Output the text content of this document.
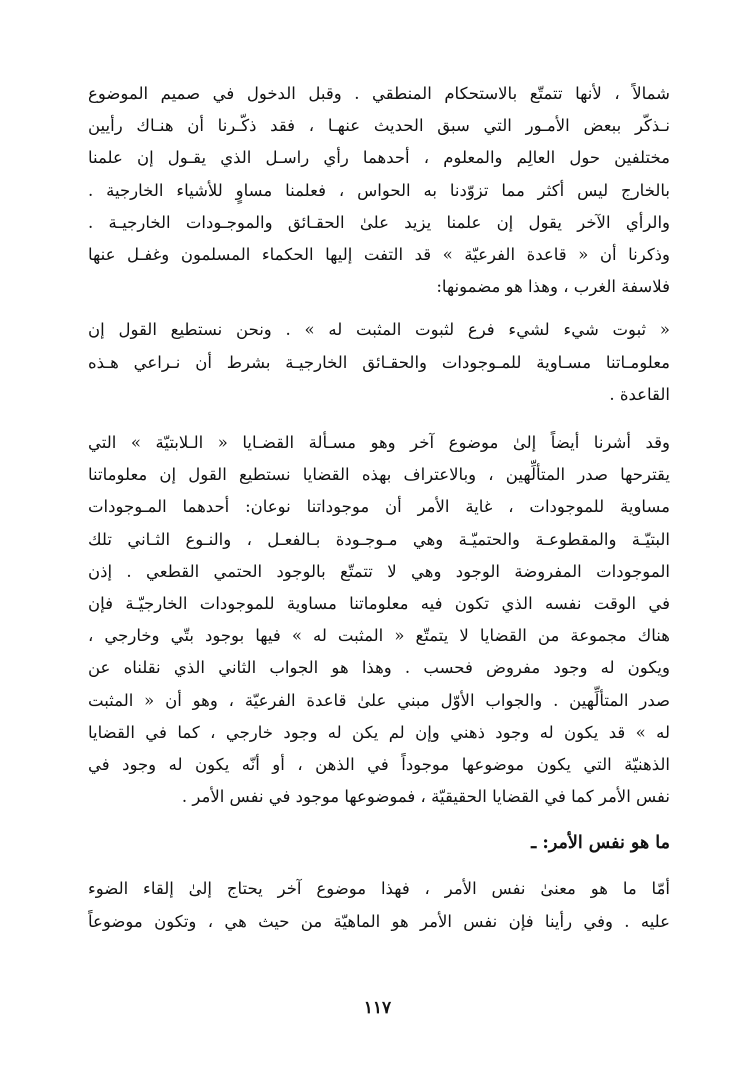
شمالاً ، لأنها تتمتّع بالاستحكام المنطقي . وقبل الدخول في صميم الموضوع
نـذكّر ببعض الأمـور التي سبق الحديث عنهـا ، فقد ذكّـرنا أن هنـاك رأيين
مختلفين حول العالِم والمعلوم ، أحدهما رأي راسـل الذي يقـول إن علمنا
بالخارج ليس أكثر مما تزوّدنا به الحواس ، فعلمنا مساوٍ للأشياء الخارجية .
والرأي الآخر يقول إن علمنا يزيد علىٰ الحقـائق والموجـودات الخارجيـة .
وذكرنا أن « قاعدة الفرعيّة » قد التفت إليها الحكماء المسلمون وغفـل عنها
فلاسفة الغرب ، وهذا هو مضمونها:
« ثبوت شيء لشيء فرع لثبوت المثبت له » . ونحن نستطيع القول إن
معلومـاتنا مسـاوية للمـوجودات والحقـائق الخارجيـة بشرط أن نـراعي هـذه
القاعدة .
وقد أشرنا أيضاً إلىٰ موضوع آخر وهو مسـألة القضـايا « الـلابتيّة » التي
يقترحها صدر المتألِّهين ، وبالاعتراف بهذه القضايا نستطيع القول إن معلوماتنا
مساوية للموجودات ، غاية الأمر أن موجوداتنا نوعان: أحدهما المـوجودات
البتيّـة والمقطوعـة والحتميّـة وهي مـوجـودة بـالفعـل ، والنـوع الثـاني تلك
الموجودات المفروضة الوجود وهي لا تتمتّع بالوجود الحتمي القطعي . إذن
في الوقت نفسه الذي تكون فيه معلوماتنا مساوية للموجودات الخارجيّـة فإن
هناك مجموعة من القضايا لا يتمتّع « المثبت له » فيها بوجود بتّي وخارجي ،
ويكون له وجود مفروض فحسب . وهذا هو الجواب الثاني الذي نقلناه عن
صدر المتألِّهين . والجواب الأوّل مبني علىٰ قاعدة الفرعيّة ، وهو أن « المثبت
له » قد يكون له وجود ذهني وإن لم يكن له وجود خارجي ، كما في القضايا
الذهنيّة التي يكون موضوعها موجوداً في الذهن ، أو أنّه يكون له وجود في
نفس الأمر كما في القضايا الحقيقيّة ، فموضوعها موجود في نفس الأمر .
ما هو نفس الأمر: ـ
أمّا ما هو معنىٰ نفس الأمر ، فهذا موضوع آخر يحتاج إلىٰ إلقاء الضوء
عليه . وفي رأينا فإن نفس الأمر هو الماهيّة من حيث هي ، وتكون موضوعاً
١١٧
